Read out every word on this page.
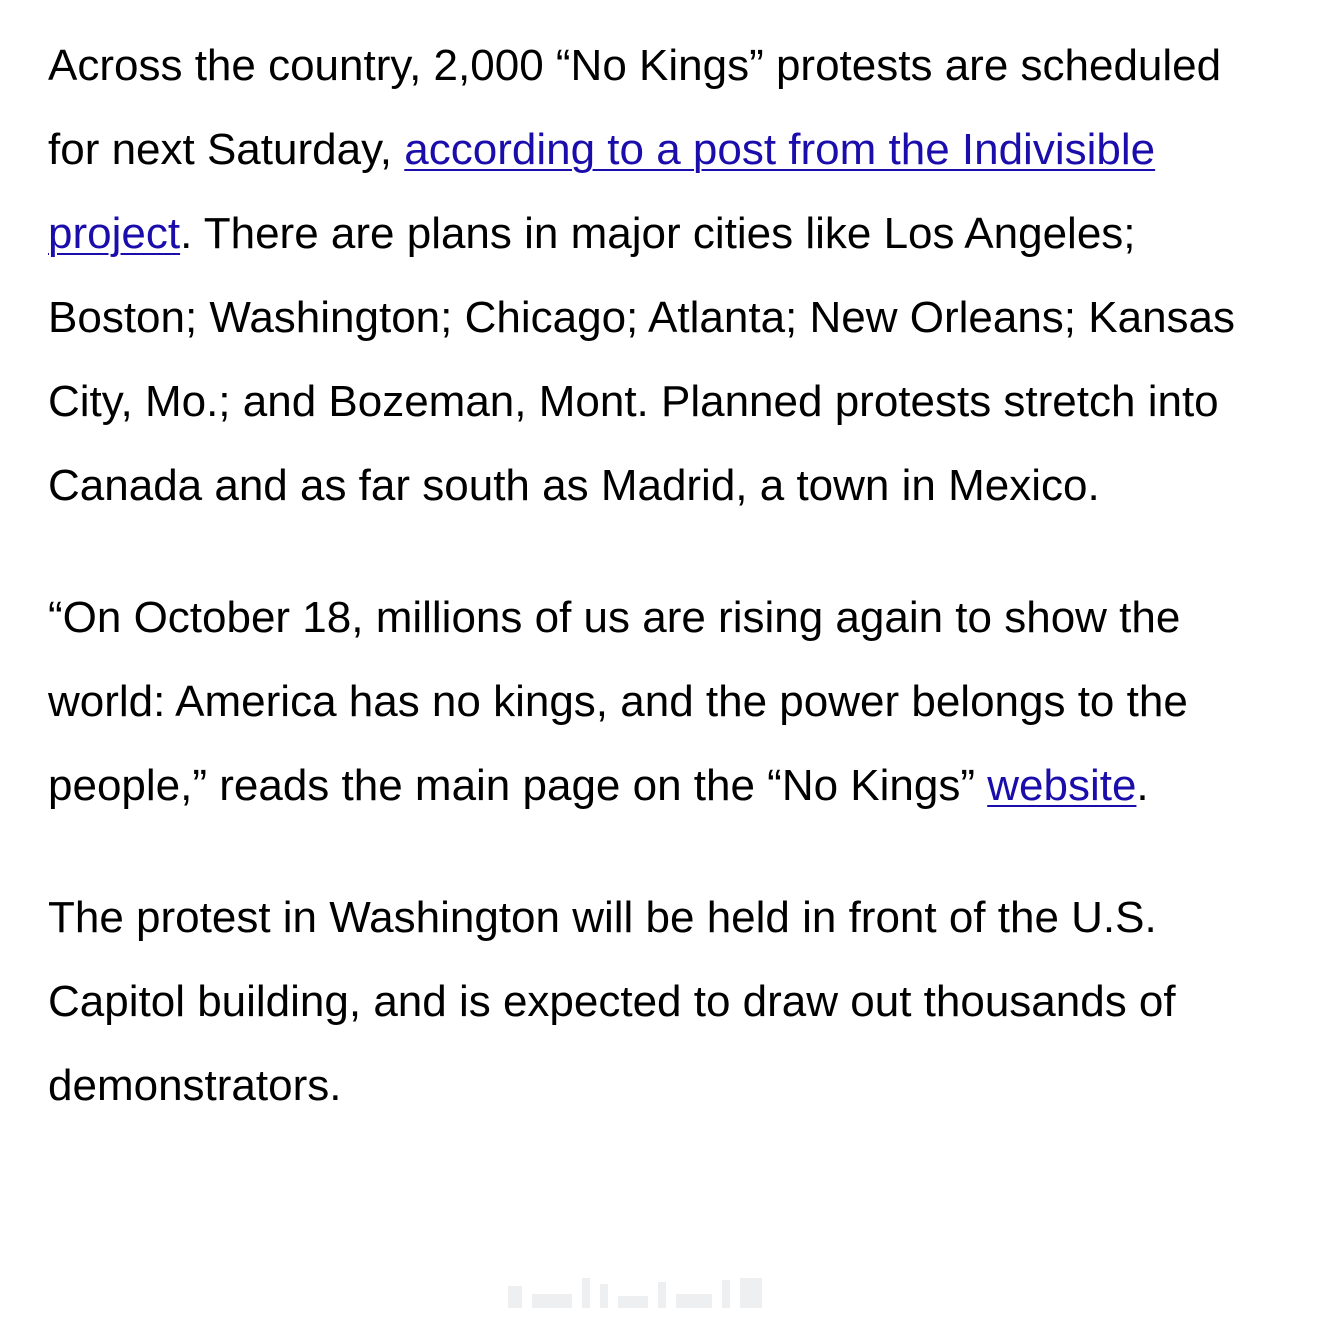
Across the country, 2,000 “No Kings” protests are scheduled for next Saturday, according to a post from the Indivisible project. There are plans in major cities like Los Angeles; Boston; Washington; Chicago; Atlanta; New Orleans; Kansas City, Mo.; and Bozeman, Mont. Planned protests stretch into Canada and as far south as Madrid, a town in Mexico.

“On October 18, millions of us are rising again to show the world: America has no kings, and the power belongs to the people,” reads the main page on the “No Kings” website.

The protest in Washington will be held in front of the U.S. Capitol building, and is expected to draw out thousands of demonstrators.
